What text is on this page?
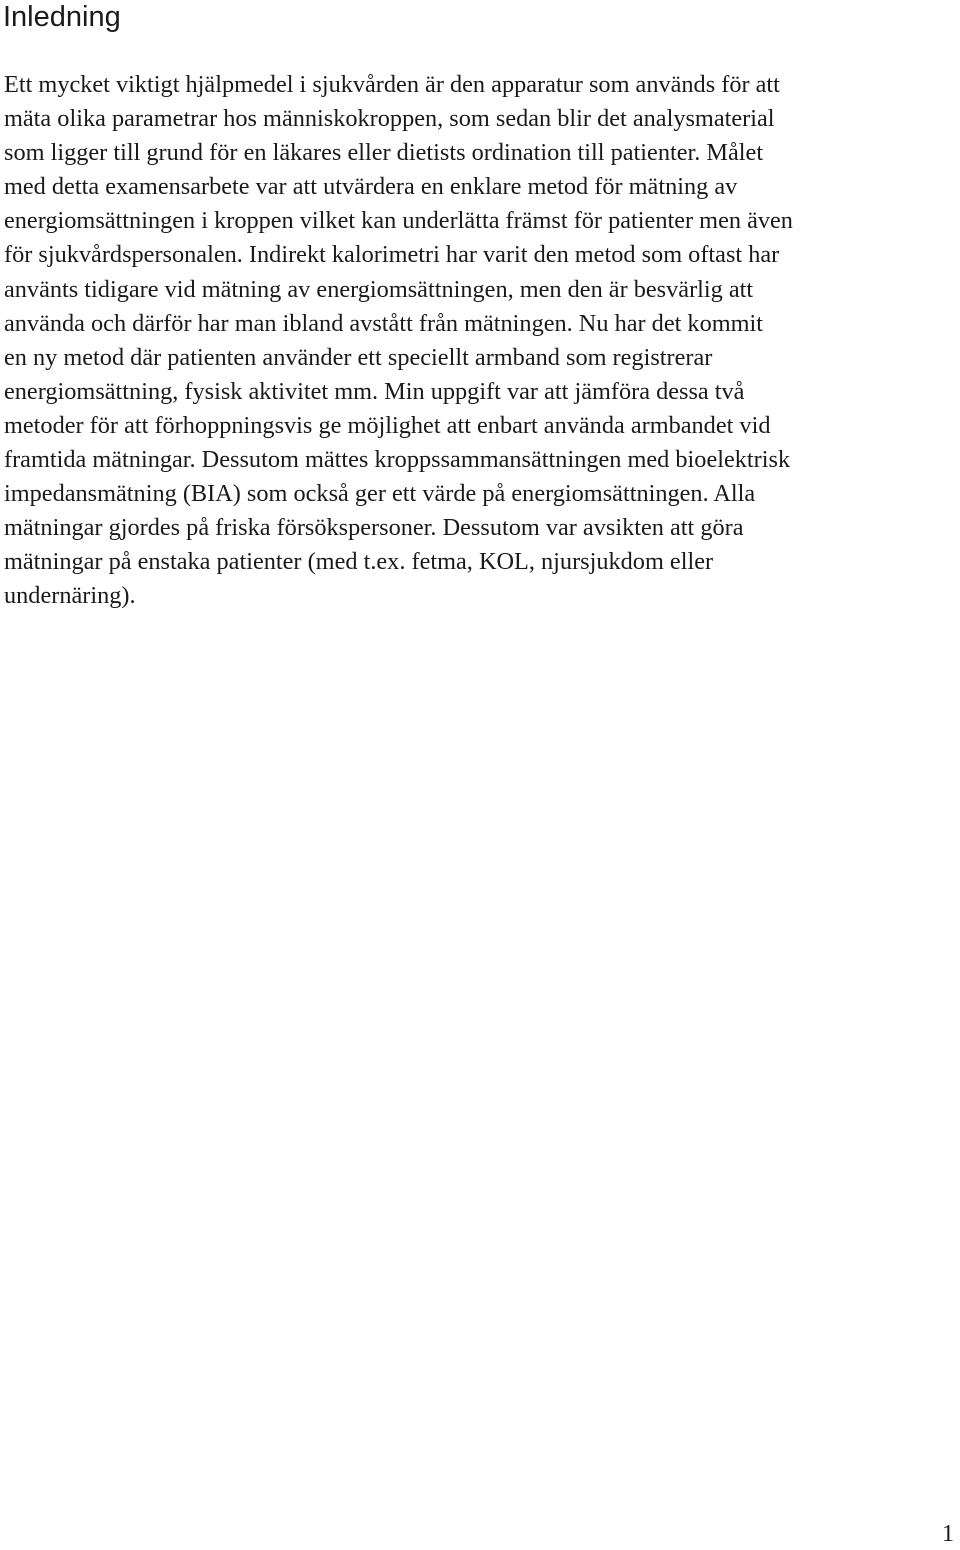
Inledning

Ett mycket viktigt hjälpmedel i sjukvården är den apparatur som används för att
mäta olika parametrar hos människokroppen, som sedan blir det analysmaterial
som ligger till grund för en läkares eller dietists ordination till patienter. Målet
med detta examensarbete var att utvärdera en enklare metod för mätning av
energiomsättningen i kroppen vilket kan underlätta främst för patienter men även
för sjukvårdspersonalen. Indirekt kalorimetri har varit den metod som oftast har
använts tidigare vid mätning av energiomsättningen, men den är besvärlig att
använda och därför har man ibland avstått från mätningen. Nu har det kommit
en ny metod där patienten använder ett speciellt armband som registrerar
energiomsättning, fysisk aktivitet mm. Min uppgift var att jämföra dessa två
metoder för att förhoppningsvis ge möjlighet att enbart använda armbandet vid
framtida mätningar. Dessutom mättes kroppssammansättningen med bioelektrisk
impedansmätning (BIA) som också ger ett värde på energiomsättningen. Alla
mätningar gjordes på friska försökspersoner. Dessutom var avsikten att göra
mätningar på enstaka patienter (med t.ex. fetma, KOL, njursjukdom eller
undernäring).

1
